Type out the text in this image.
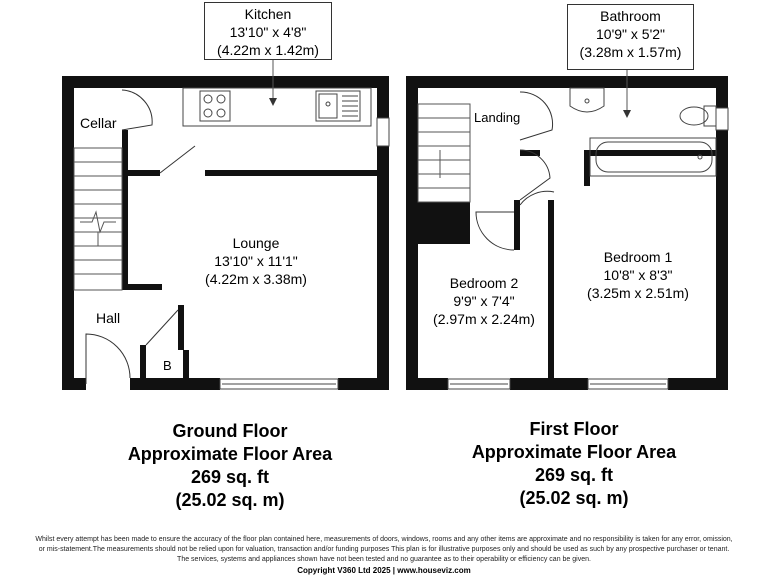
Kitchen
13'10" x 4'8"
(4.22m x 1.42m)
Bathroom
10'9" x 5'2"
(3.28m x 1.57m)
Lounge
13'10" x 11'1"
(4.22m x 3.38m)
Bedroom 1
10'8" x 8'3"
(3.25m x 2.51m)
Bedroom 2
9'9" x 7'4"
(2.97m x 2.24m)
Cellar
Hall
Landing
B
Ground Floor
Approximate Floor Area
269 sq. ft
(25.02 sq. m)
First Floor
Approximate Floor Area
269 sq. ft
(25.02 sq. m)
Whilst every attempt has been made to ensure the accuracy of the floor plan contained here, measurements of doors, windows, rooms and any other items are approximate and no responsibility is taken for any error, omission,
or mis-statement.The measurements should not be relied upon for valuation, transaction and/or funding purposes This plan is for illustrative purposes only and should be used as such by any prospective purchaser or tenant.
The services, systems and appliances shown have not been tested and no guarantee as to their operability or efficiency can be given.
Copyright V360 Ltd 2025 | www.houseviz.com
